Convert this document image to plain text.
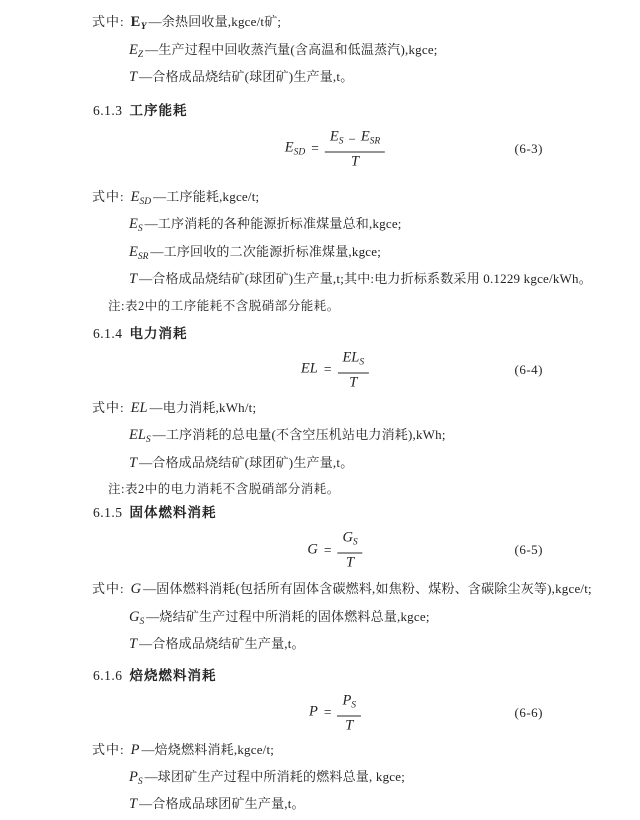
式中: $E_Y$ —余热回收量,kgce/t矿;
$E_Z$ —生产过程中回收蒸汽量(含高温和低温蒸汽),kgce;
T —合格成品烧结矿(球团矿)生产量,t。
6.1.3 工序能耗
$E_{SD} = \frac{E_S - E_{SR}}{T}$	(6-3)
式中: $E_{SD}$ —工序能耗,kgce/t;
$E_S$ —工序消耗的各种能源折标准煤量总和,kgce;
$E_{SR}$ —工序回收的二次能源折标准煤量,kgce;
T —合格成品烧结矿(球团矿)生产量,t;其中:电力折标系数采用 0.1229 kgce/kWh。
注:表2中的工序能耗不含脱硝部分能耗。
6.1.4 电力消耗
EL = $\frac{EL_S}{T}$	(6-4)
式中: EL —电力消耗,kWh/t;
$EL_S$ —工序消耗的总电量(不含空压机站电力消耗),kWh;
T —合格成品烧结矿(球团矿)生产量,t。
注:表2中的电力消耗不含脱硝部分消耗。
6.1.5 固体燃料消耗
$G = \frac{G_S}{T}$	(6-5)
式中: G —固体燃料消耗(包括所有固体含碳燃料,如焦粉、煤粉、含碳除尘灰等),kgce/t;
$G_S$ —烧结矿生产过程中所消耗的固体燃料总量,kgce;
T —合格成品烧结矿生产量,t。
6.1.6 焙烧燃料消耗
$P = \frac{P_S}{T}$	(6-6)
式中: P —焙烧燃料消耗,kgce/t;
$P_S$ —球团矿生产过程中所消耗的燃料总量, kgce;
T —合格成品球团矿生产量,t。
